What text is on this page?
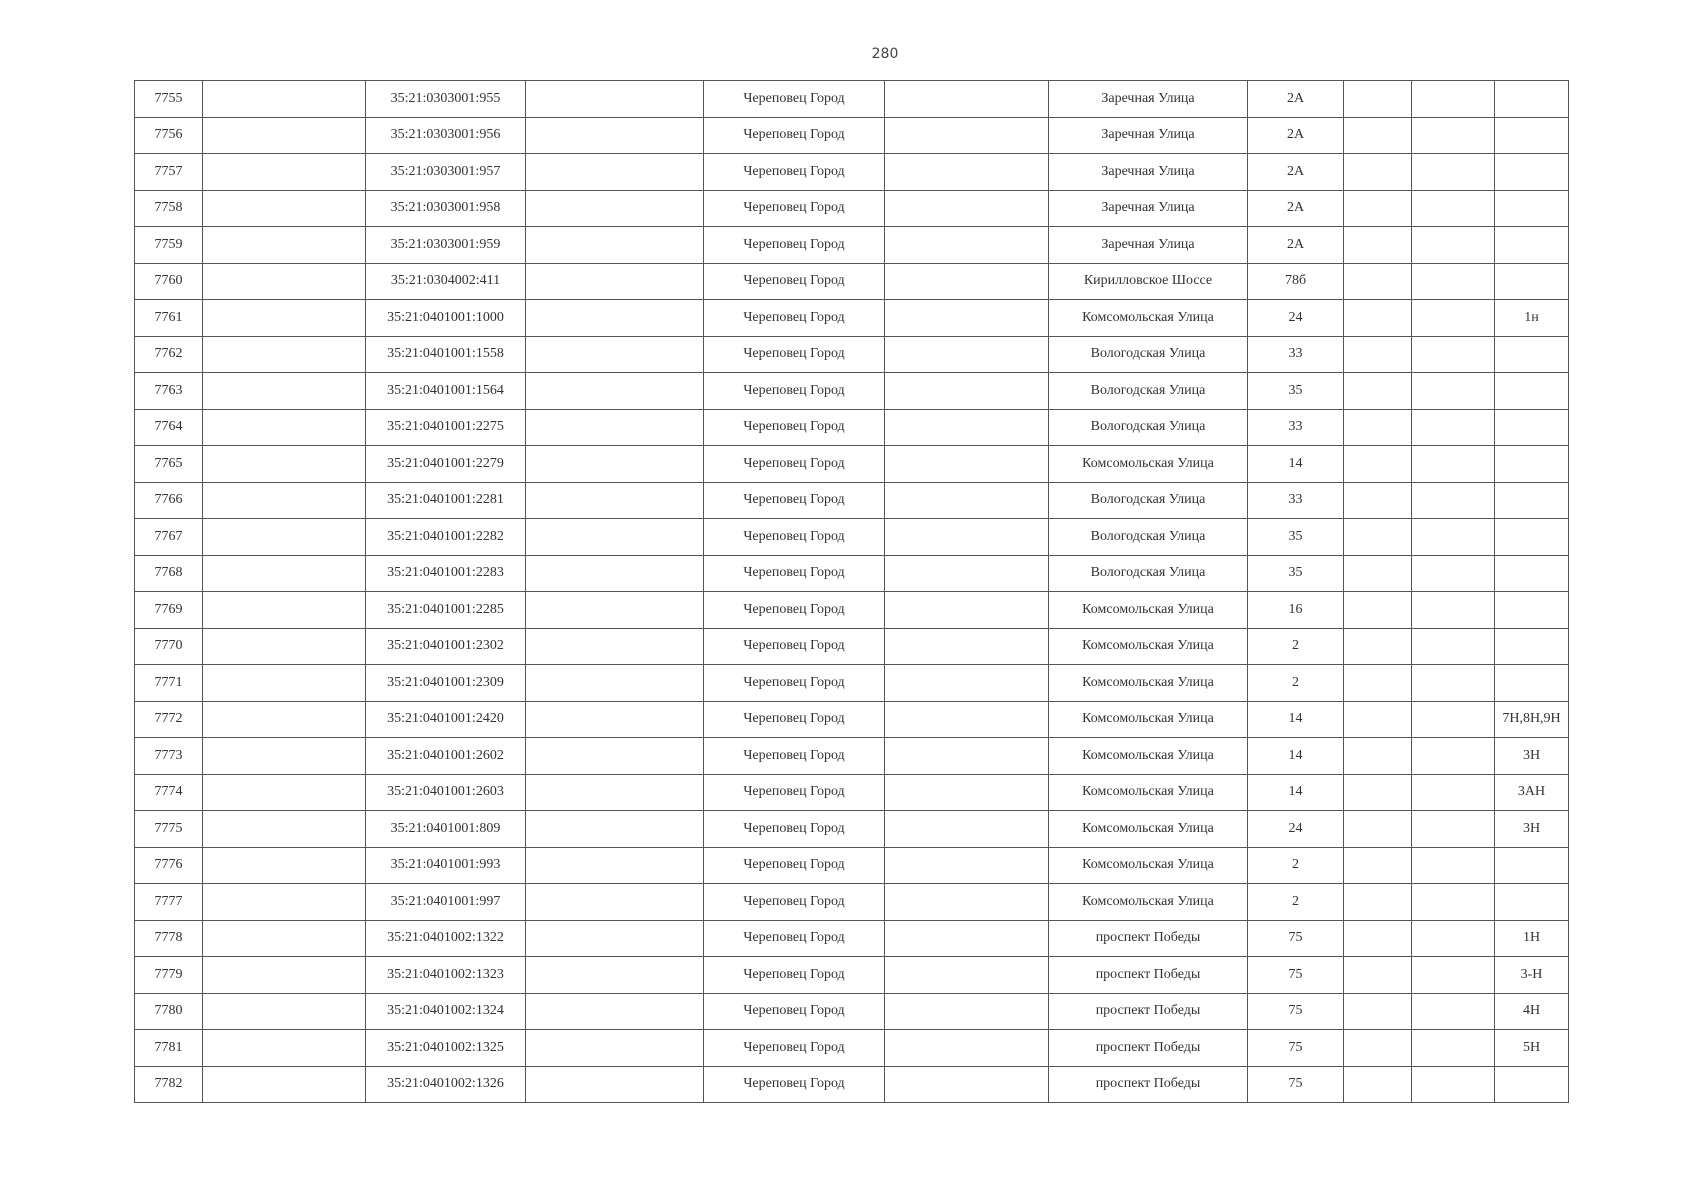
280
7755		35:21:0303001:955		Череповец Город		Заречная Улица	2А			
7756		35:21:0303001:956		Череповец Город		Заречная Улица	2А			
7757		35:21:0303001:957		Череповец Город		Заречная Улица	2А			
7758		35:21:0303001:958		Череповец Город		Заречная Улица	2А			
7759		35:21:0303001:959		Череповец Город		Заречная Улица	2А			
7760		35:21:0304002:411		Череповец Город		Кирилловское Шоссе	78б			
7761		35:21:0401001:1000		Череповец Город		Комсомольская Улица	24			1н
7762		35:21:0401001:1558		Череповец Город		Вологодская Улица	33			
7763		35:21:0401001:1564		Череповец Город		Вологодская Улица	35			
7764		35:21:0401001:2275		Череповец Город		Вологодская Улица	33			
7765		35:21:0401001:2279		Череповец Город		Комсомольская Улица	14			
7766		35:21:0401001:2281		Череповец Город		Вологодская Улица	33			
7767		35:21:0401001:2282		Череповец Город		Вологодская Улица	35			
7768		35:21:0401001:2283		Череповец Город		Вологодская Улица	35			
7769		35:21:0401001:2285		Череповец Город		Комсомольская Улица	16			
7770		35:21:0401001:2302		Череповец Город		Комсомольская Улица	2			
7771		35:21:0401001:2309		Череповец Город		Комсомольская Улица	2			
7772		35:21:0401001:2420		Череповец Город		Комсомольская Улица	14			7Н,8Н,9Н
7773		35:21:0401001:2602		Череповец Город		Комсомольская Улица	14			3Н
7774		35:21:0401001:2603		Череповец Город		Комсомольская Улица	14			3АН
7775		35:21:0401001:809		Череповец Город		Комсомольская Улица	24			3Н
7776		35:21:0401001:993		Череповец Город		Комсомольская Улица	2			
7777		35:21:0401001:997		Череповец Город		Комсомольская Улица	2			
7778		35:21:0401002:1322		Череповец Город		проспект Победы	75			1Н
7779		35:21:0401002:1323		Череповец Город		проспект Победы	75			3-Н
7780		35:21:0401002:1324		Череповец Город		проспект Победы	75			4Н
7781		35:21:0401002:1325		Череповец Город		проспект Победы	75			5Н
7782		35:21:0401002:1326		Череповец Город		проспект Победы	75			
